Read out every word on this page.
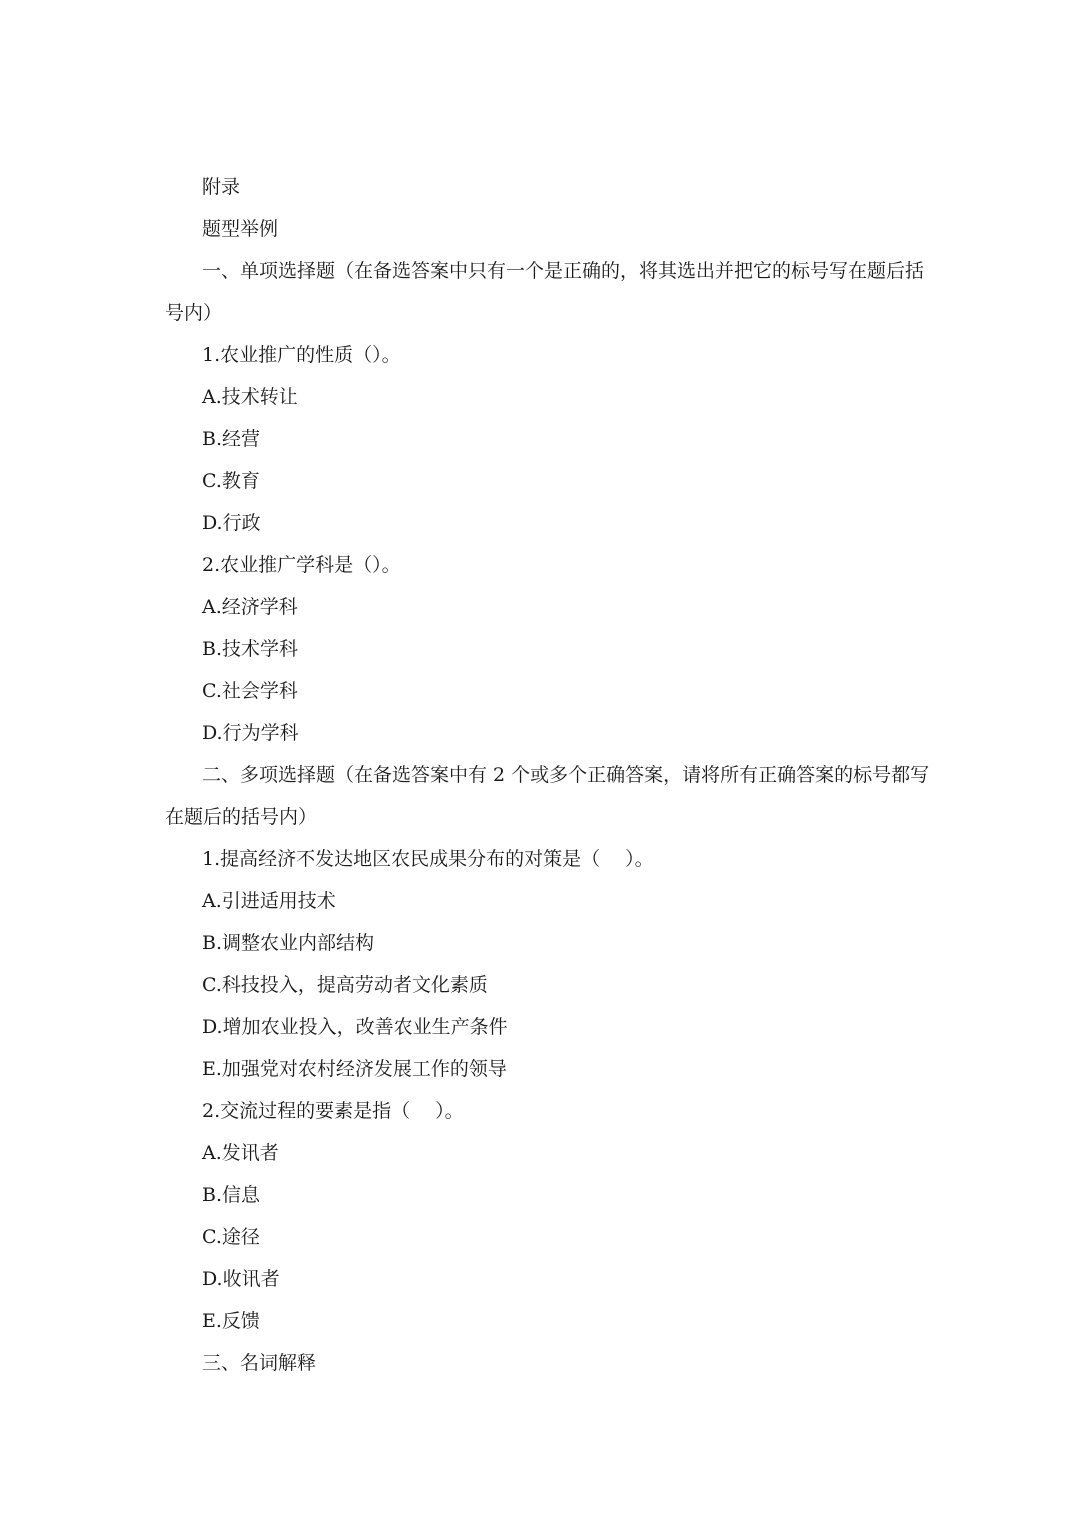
附录

题型举例

一、单项选择题（在备选答案中只有一个是正确的，将其选出并把它的标号写在题后括

号内）

1.农业推广的性质（）。

A.技术转让

B.经营

C.教育

D.行政

2.农业推广学科是（）。

A.经济学科

B.技术学科

C.社会学科

D.行为学科

二、多项选择题（在备选答案中有 2 个或多个正确答案，请将所有正确答案的标号都写

在题后的括号内）

1.提高经济不发达地区农民成果分布的对策是（　 ）。

A.引进适用技术

B.调整农业内部结构

C.科技投入，提高劳动者文化素质

D.增加农业投入，改善农业生产条件

E.加强党对农村经济发展工作的领导

2.交流过程的要素是指（　 ）。

A.发讯者

B.信息

C.途径

D.收讯者

E.反馈

三、名词解释
